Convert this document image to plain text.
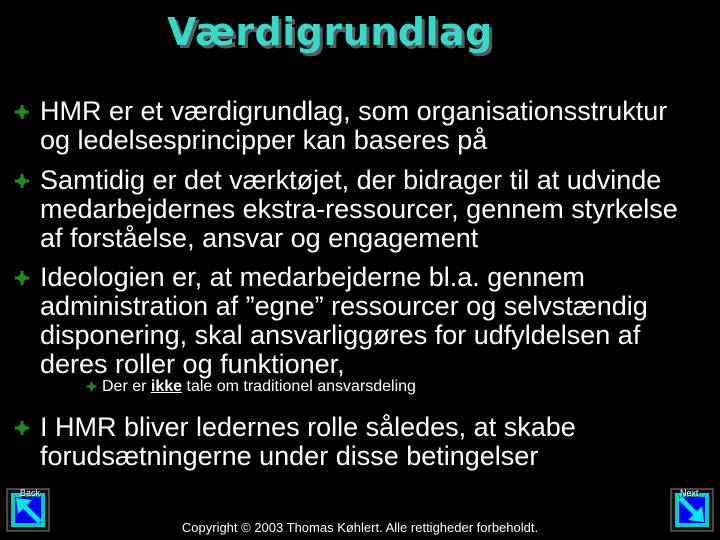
Værdigrundlag
HMR er et værdigrundlag, som organisationsstruktur og ledelsesprincipper kan baseres på
Samtidig er det værktøjet, der bidrager til at udvinde medarbejdernes ekstra-ressourcer, gennem styrkelse af forståelse, ansvar og engagement
Ideologien er, at medarbejderne bl.a. gennem administration af ”egne” ressourcer og selvstændig disponering, skal ansvarliggøres for udfyldelsen af deres roller og funktioner,
Der er ikke tale om traditionel ansvarsdeling
I HMR bliver ledernes rolle således, at skabe forudsætningerne under disse betingelser
Back	Next
Copyright © 2003 Thomas Køhlert. Alle rettigheder forbeholdt.
